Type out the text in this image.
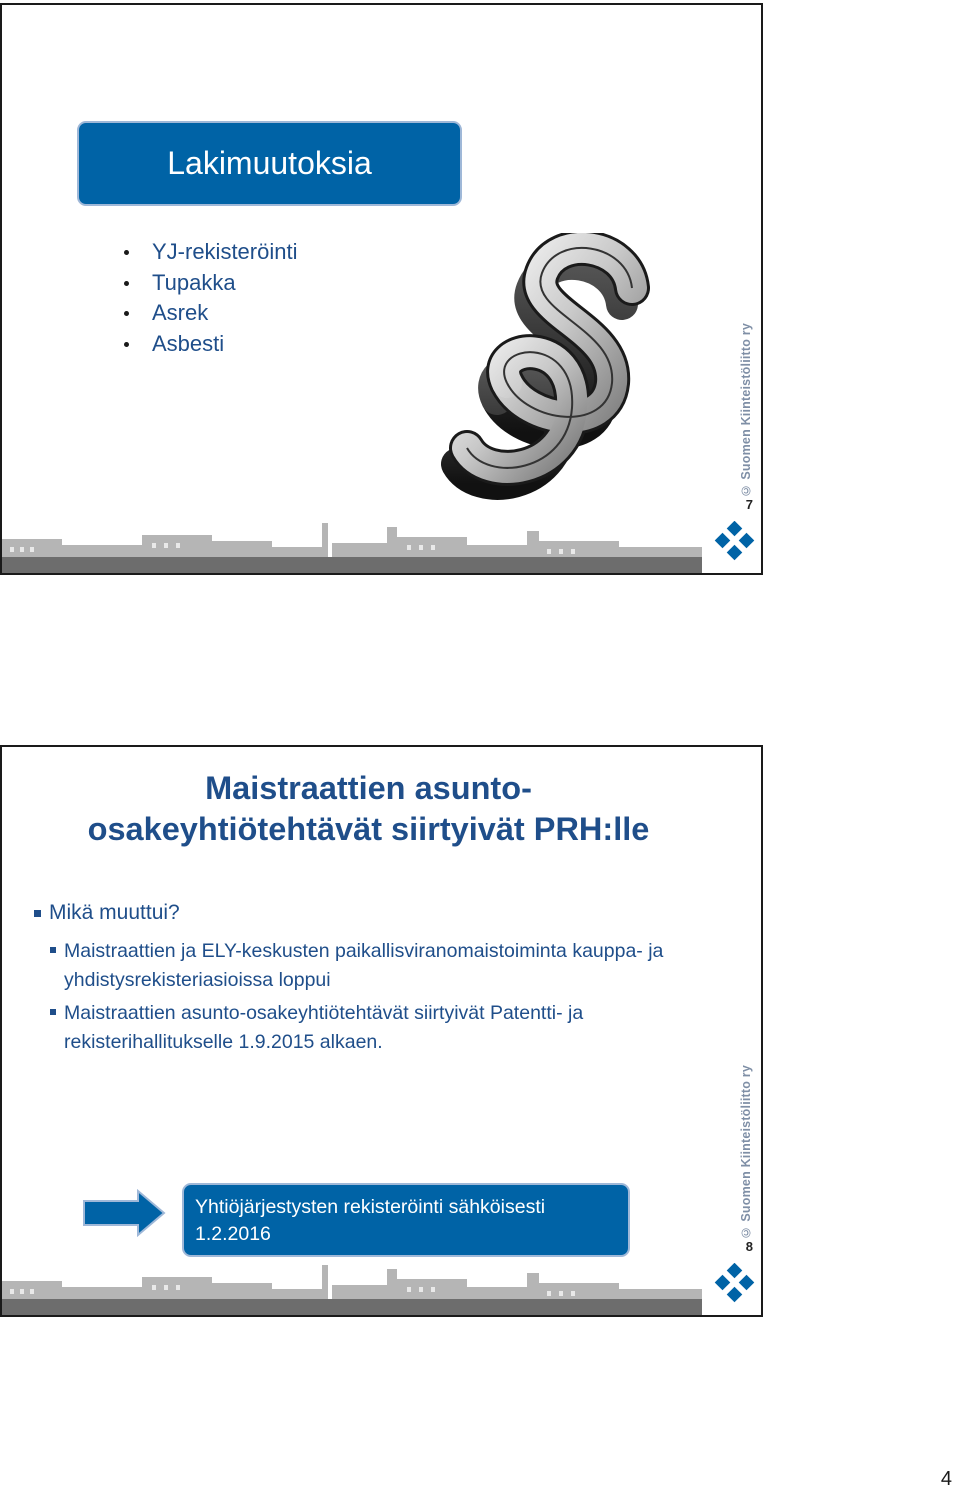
Lakimuutoksia
YJ-rekisteröinti
Tupakka
Asrek
Asbesti	© Suomen Kiinteistöliitto ry
7
Maistraattien asunto-
osakeyhtiötehtävät siirtyivät PRH:lle
Mikä muuttui?
Maistraattien ja ELY-keskusten paikallisviranomaistoiminta kauppa- ja yhdistysrekisteriasioissa loppui
Maistraattien asunto-osakeyhtiötehtävät siirtyivät Patentti- ja rekisterihallitukselle 1.9.2015 alkaen.
Yhtiöjärjestysten rekisteröinti sähköisesti
1.2.2016	© Suomen Kiinteistöliitto ry
8
4
